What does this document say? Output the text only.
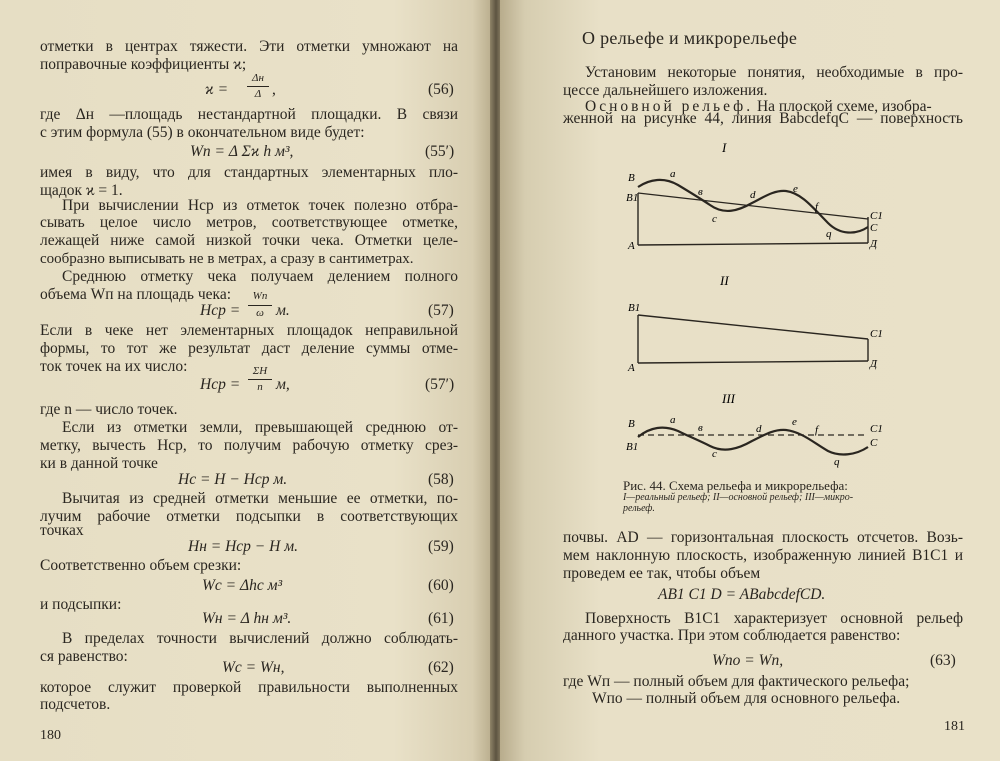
отметки в центрах тяжести. Эти отметки умножают на
поправочные коэффициенты ϰ;
ϰ =
Δн
Δ ,	(56)
где Δн —площадь нестандартной площадки. В связи
с этим формула (55) в окончательном виде будет:
Wп = Δ Σϰ h м³,	(55′)
имея в виду, что для стандартных элементарных пло-
щадок ϰ = 1.
При вычислении Hср из отметок точек полезно отбра-
сывать целое число метров, соответствующее отметке,
лежащей ниже самой низкой точки чека. Отметки целе-
сообразно выписывать не в метрах, а сразу в сантиметрах.
Среднюю отметку чека получаем делением полного
объема Wп на площадь чека:
Hср =
Wп
ω м.	(57)
Если в чеке нет элементарных площадок неправильной
формы, то тот же результат даст деление суммы отме-
ток точек на их число:
Hср =
ΣH
n м,	(57′)
где n — число точек.
Если из отметки земли, превышающей среднюю от-
метку, вычесть Hср, то получим рабочую отметку срез-
ки в данной точке
Hс = H − Hср м.	(58)
Вычитая из средней отметки меньшие ее отметки, по-
лучим рабочие отметки подсыпки в соответствующих
точках
Hн = Hср − H м.	(59)
Соответственно объем срезки:
Wс = Δhс м³	(60)
и подсыпки:
Wн = Δ hн м³.	(61)
В пределах точности вычислений должно соблюдать-
ся равенство:
Wс = Wн,	(62)
которое служит проверкой правильности выполненных
подсчетов.
180
О рельефе и микрорельефе
Установим некоторые понятия, необходимые в про-
цессе дальнейшего изложения.
Основной рельеф. На плоской схеме, изобра-
женной на рисунке 44, линия BabcdefqC — поверхность
I
B
B1
A
a
в
c
d	e
f
q
C1
C
Д
II
B1
C1
A	Д
III
B
B1
a
в
c
d
e
f
q
C1
C
Рис. 44. Схема рельефа и микрорельефа:
I—реальный рельеф; II—основной рельеф; III—микро-
рельеф.
почвы. AD — горизонтальная плоскость отсчетов. Возь-
мем наклонную плоскость, изображенную линией B1C1 и
проведем ее так, чтобы объем
AB1 C1 D = ABabcdefCD.
Поверхность B1C1 характеризует основной рельеф
данного участка. При этом соблюдается равенство:
Wпо = Wп,	(63)
где Wп — полный объем для фактического рельефа;
Wпо — полный объем для основного рельефа.
181
